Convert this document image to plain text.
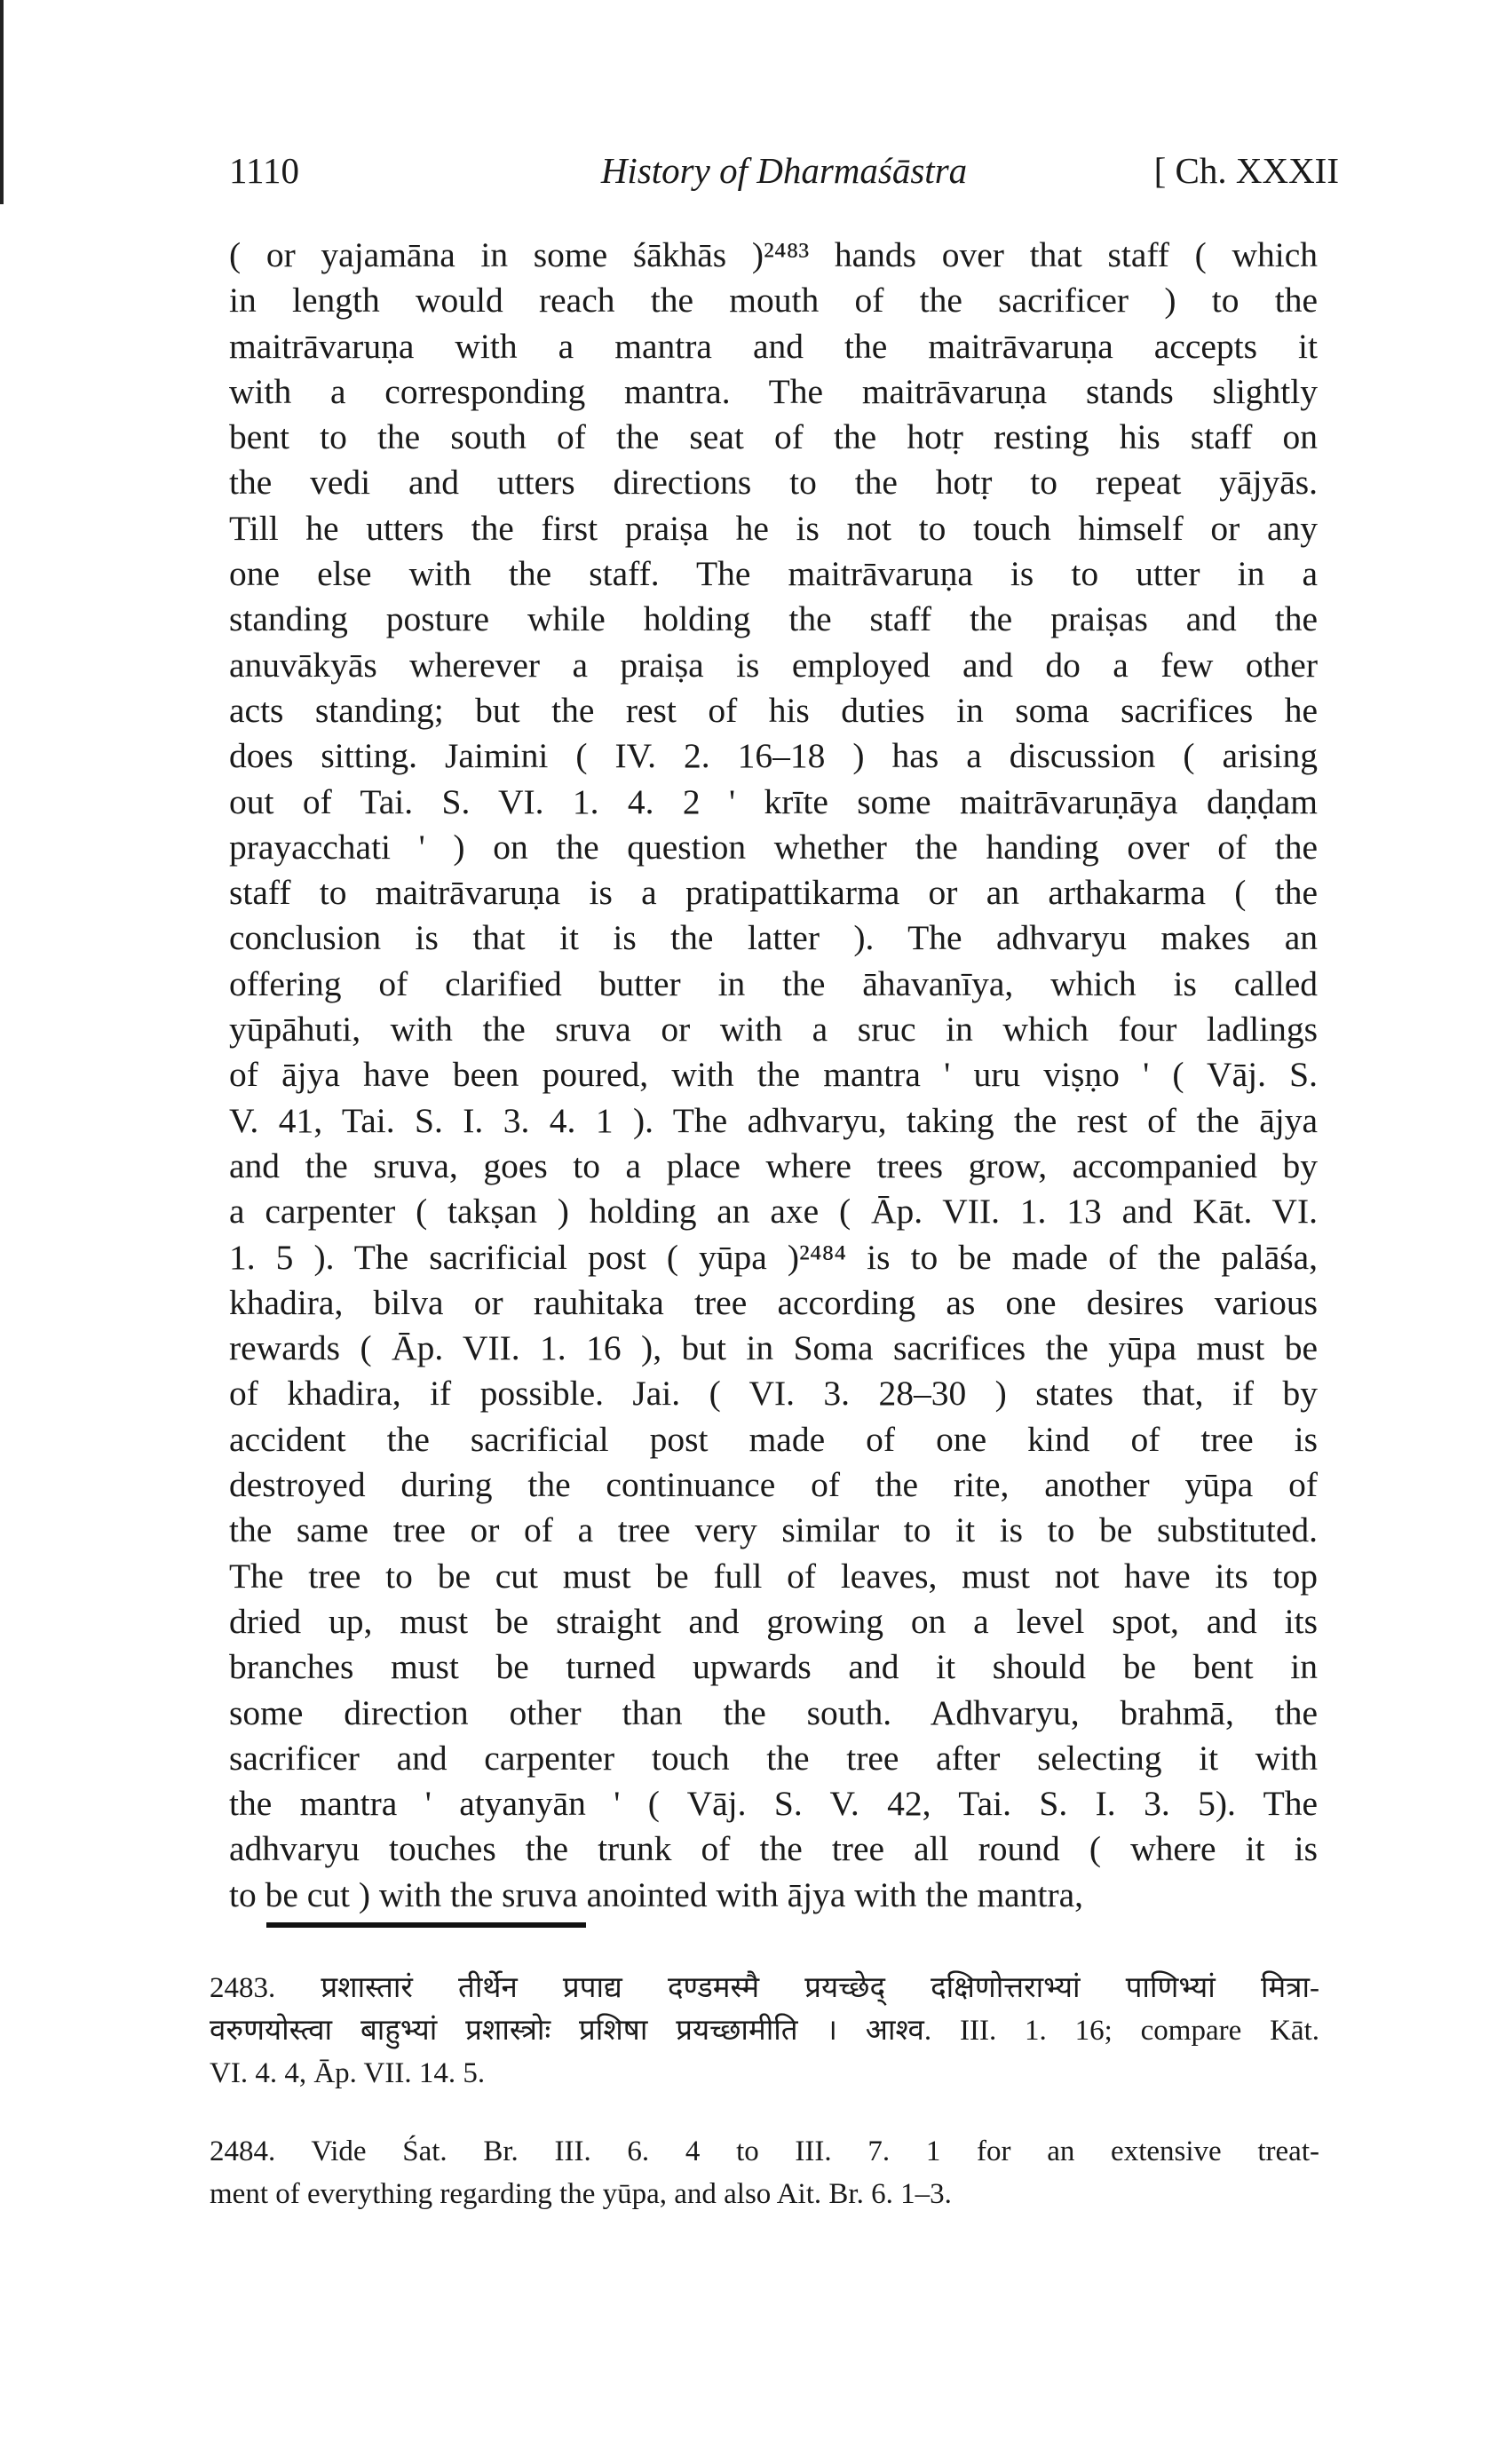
1110	History of Dharmaśāstra	[ Ch. XXXII
( or yajamāna in some śākhās )²⁴⁸³ hands over that staff ( which
in length would reach the mouth of the sacrificer ) to the
maitrāvaruṇa with a mantra and the maitrāvaruṇa accepts it
with a corresponding mantra. The maitrāvaruṇa stands slightly
bent to the south of the seat of the hotṛ resting his staff on
the vedi and utters directions to the hotṛ to repeat yājyās.
Till he utters the first praiṣa he is not to touch himself or any
one else with the staff. The maitrāvaruṇa is to utter in a
standing posture while holding the staff the praiṣas and the
anuvākyās wherever a praiṣa is employed and do a few other
acts standing; but the rest of his duties in soma sacrifices he
does sitting. Jaimini ( IV. 2. 16–18 ) has a discussion ( arising
out of Tai. S. VI. 1. 4. 2 ' krīte some maitrāvaruṇāya daṇḍam
prayacchati ' ) on the question whether the handing over of the
staff to maitrāvaruṇa is a pratipattikarma or an arthakarma ( the
conclusion is that it is the latter ). The adhvaryu makes an
offering of clarified butter in the āhavanīya, which is called
yūpāhuti, with the sruva or with a sruc in which four ladlings
of ājya have been poured, with the mantra ' uru viṣṇo ' ( Vāj. S.
V. 41, Tai. S. I. 3. 4. 1 ). The adhvaryu, taking the rest of the ājya
and the sruva, goes to a place where trees grow, accompanied by
a carpenter ( takṣan ) holding an axe ( Āp. VII. 1. 13 and Kāt. VI.
1. 5 ). The sacrificial post ( yūpa )²⁴⁸⁴ is to be made of the palāśa,
khadira, bilva or rauhitaka tree according as one desires various
rewards ( Āp. VII. 1. 16 ), but in Soma sacrifices the yūpa must be
of khadira, if possible. Jai. ( VI. 3. 28–30 ) states that, if by
accident the sacrificial post made of one kind of tree is
destroyed during the continuance of the rite, another yūpa of
the same tree or of a tree very similar to it is to be substituted.
The tree to be cut must be full of leaves, must not have its top
dried up, must be straight and growing on a level spot, and its
branches must be turned upwards and it should be bent in
some direction other than the south. Adhvaryu, brahmā, the
sacrificer and carpenter touch the tree after selecting it with
the mantra ' atyanyān ' ( Vāj. S. V. 42, Tai. S. I. 3. 5). The
adhvaryu touches the trunk of the tree all round ( where it is
to be cut ) with the sruva anointed with ājya with the mantra,
2483. प्रशास्तारं तीर्थेन प्रपाद्य दण्डमस्मै प्रयच्छेद् दक्षिणोत्तराभ्यां पाणिभ्यां मित्रा-
वरुणयोस्त्वा बाहुभ्यां प्रशास्त्रोः प्रशिषा प्रयच्छामीति । आश्व. III. 1. 16; compare Kāt.
VI. 4. 4, Āp. VII. 14. 5.
2484. Vide Śat. Br. III. 6. 4 to III. 7. 1 for an extensive treat-
ment of everything regarding the yūpa, and also Ait. Br. 6. 1–3.
